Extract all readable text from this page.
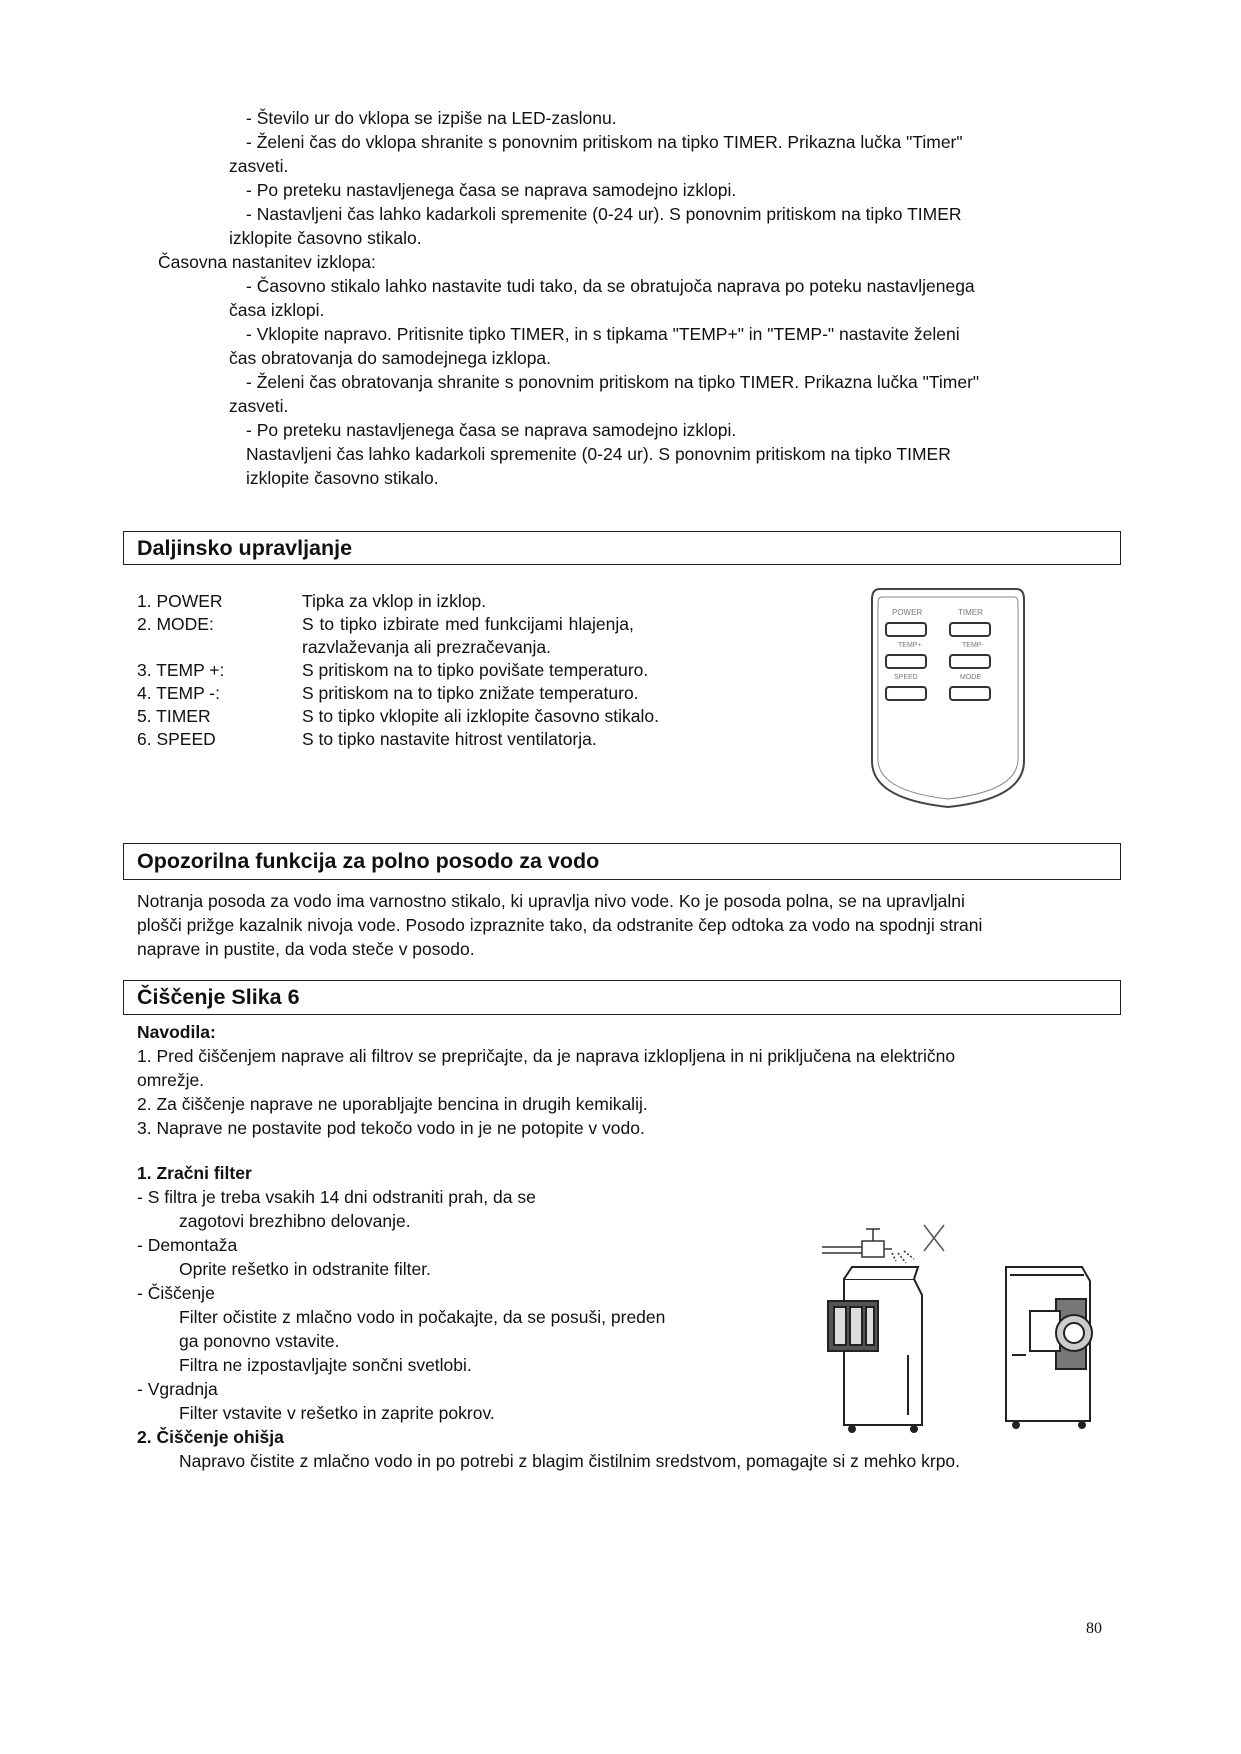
- Število ur do vklopa se izpiše na LED-zaslonu.
- Želeni čas do vklopa shranite s ponovnim pritiskom na tipko TIMER. Prikazna lučka "Timer"
zasveti.
- Po preteku nastavljenega časa se naprava samodejno izklopi.
- Nastavljeni čas lahko kadarkoli spremenite (0-24 ur). S ponovnim pritiskom na tipko TIMER
izklopite časovno stikalo.
Časovna nastanitev izklopa:
- Časovno stikalo lahko nastavite tudi tako, da se obratujoča naprava po poteku nastavljenega
časa izklopi.
- Vklopite napravo. Pritisnite tipko TIMER, in s tipkama "TEMP+" in "TEMP-" nastavite želeni
čas obratovanja do samodejnega izklopa.
- Želeni čas obratovanja shranite s ponovnim pritiskom na tipko TIMER. Prikazna lučka "Timer"
zasveti.
- Po preteku nastavljenega časa se naprava samodejno izklopi.
Nastavljeni čas lahko kadarkoli spremenite (0-24 ur). S ponovnim pritiskom na tipko TIMER
izklopite časovno stikalo.
Daljinsko upravljanje
1. POWER	Tipka za vklop in izklop.
2. MODE:	S to tipko izbirate med funkcijami hlajenja,
razvlaževanja ali prezračevanja.
3. TEMP +:	S pritiskom na to tipko povišate temperaturo.
4. TEMP -:	S pritiskom na to tipko znižate temperaturo.
5. TIMER	S to tipko vklopite ali izklopite časovno stikalo.
6. SPEED	S to tipko nastavite hitrost ventilatorja.
POWER	TIMER
TEMP+	TEMP-
SPEED	MODE
Opozorilna funkcija za polno posodo za vodo
Notranja posoda za vodo ima varnostno stikalo, ki upravlja nivo vode. Ko je posoda polna, se na upravljalni
plošči prižge kazalnik nivoja vode. Posodo izpraznite tako, da odstranite čep odtoka za vodo na spodnji strani
naprave in pustite, da voda steče v posodo.
Čiščenje Slika 6
Navodila:
1. Pred čiščenjem naprave ali filtrov se prepričajte, da je naprava izklopljena in ni priključena na električno
omrežje.
2. Za čiščenje naprave ne uporabljajte bencina in drugih kemikalij.
3. Naprave ne postavite pod tekočo vodo in je ne potopite v vodo.
1. Zračni filter
- S filtra je treba vsakih 14 dni odstraniti prah, da se
zagotovi brezhibno delovanje.
- Demontaža
Oprite rešetko in odstranite filter.
- Čiščenje
Filter očistite z mlačno vodo in počakajte, da se posuši, preden
ga ponovno vstavite.
Filtra ne izpostavljajte sončni svetlobi.
- Vgradnja
Filter vstavite v rešetko in zaprite pokrov.
2. Čiščenje ohišja
Napravo čistite z mlačno vodo in po potrebi z blagim čistilnim sredstvom, pomagajte si z mehko krpo.
80
